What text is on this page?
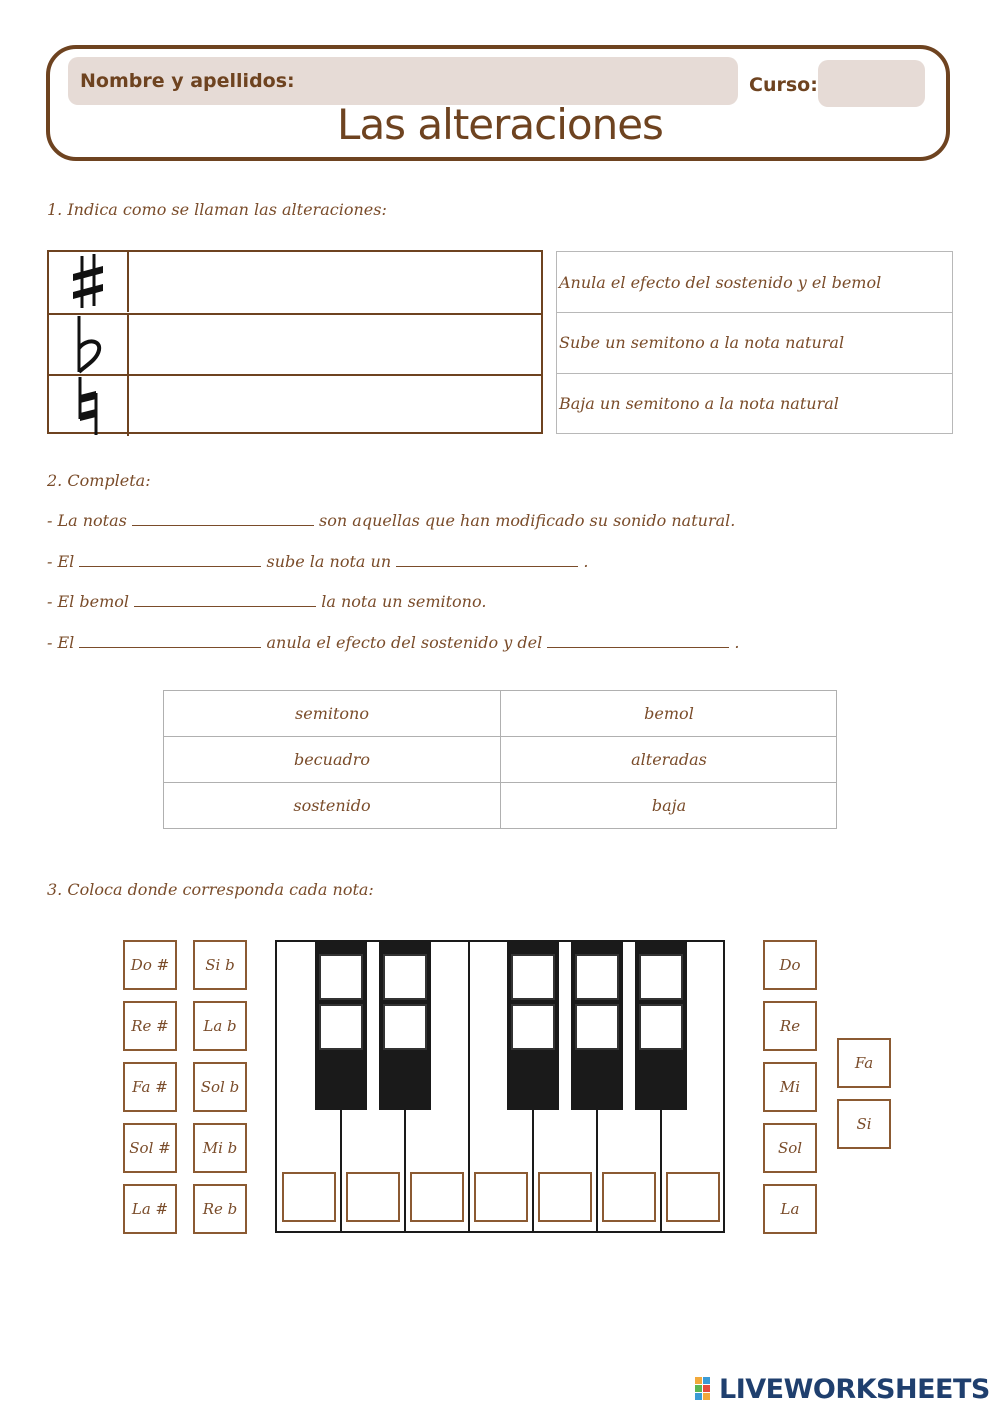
Nombre y apellidos:	Curso:
Las alteraciones
1. Indica como se llaman las alteraciones:
Anula el efecto del sostenido y el bemol
Sube un semitono a la nota natural
Baja un semitono a la nota natural
2. Completa:
- La notas	son aquellas que han modificado su sonido natural.
- El	sube la nota un	.
- El bemol	la nota un semitono.
- El	anula el efecto del sostenido y del	.
semitono	bemol
becuadro	alteradas
sostenido	baja
3. Coloca donde corresponda cada nota:
Do #
Re #
Fa #
Sol #
La #
Si b
La b
Sol b
Mi b
Re b
Do
Re
Mi
Sol
La
Fa
Si
LIVEWORKSHEETS
